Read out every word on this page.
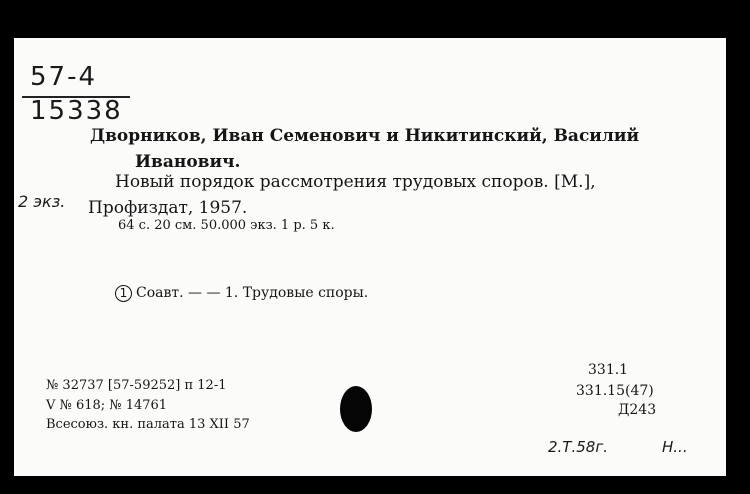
57-4
15338
Дворников, Иван Семенович и Никитинский, Василий
Иванович.
2 экз.
Новый порядок рассмотрения трудовых споров. [М.],
Профиздат, 1957.
64 с. 20 см. 50.000 экз. 1 р. 5 к.
1 Соавт. — — 1. Трудовые споры.
№ 32737 [57-59252] п 12-1
V № 618; № 14761
Всесоюз. кн. палата 13 XII 57
331.1
331.15(47)
Д243
2.Т.58г.	Н...
